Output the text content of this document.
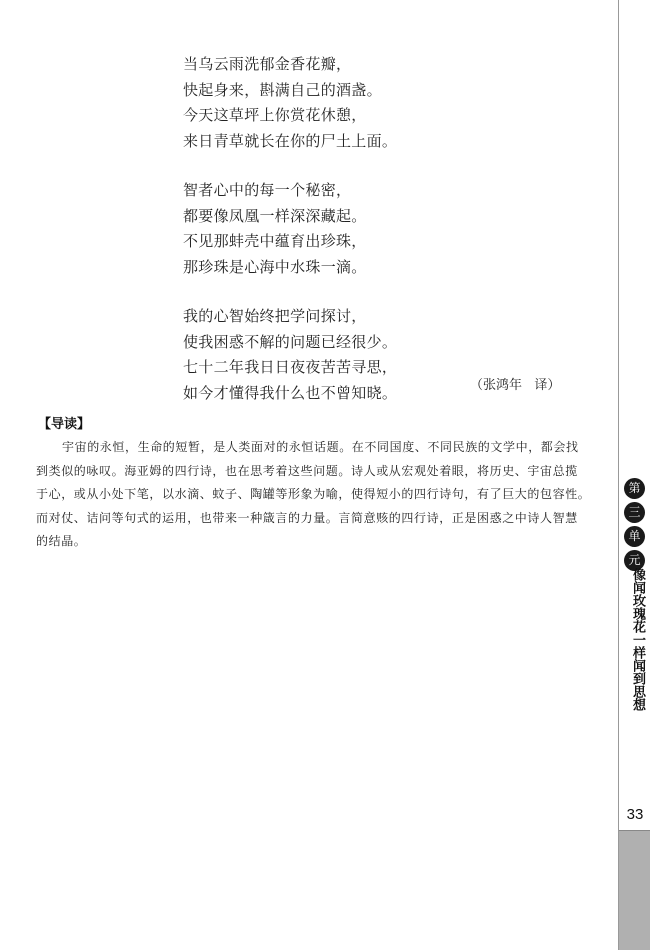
当乌云雨洗郁金香花瓣，
快起身来，斟满自己的酒盏。
今天这草坪上你赏花休憩，
来日青草就长在你的尸土上面。
智者心中的每一个秘密，
都要像凤凰一样深深藏起。
不见那蚌壳中蕴育出珍珠，
那珍珠是心海中水珠一滴。
我的心智始终把学问探讨，
使我困惑不解的问题已经很少。
七十二年我日日夜夜苦苦寻思，
如今才懂得我什么也不曾知晓。	（张鸿年   译）
【导读】
宇宙的永恒，生命的短暂，是人类面对的永恒话题。在不同国度、不同民族的文学中，都会找
到类似的咏叹。海亚姆的四行诗，也在思考着这些问题。诗人或从宏观处着眼，将历史、宇宙总揽
于心，或从小处下笔，以水滴、蚊子、陶罐等形象为喻，使得短小的四行诗句，有了巨大的包容性。
而对仗、诘问等句式的运用，也带来一种箴言的力量。言简意赅的四行诗，正是困惑之中诗人智慧
的结晶。
第
三
单
元
像闻玫瑰花一样闻到思想
33
